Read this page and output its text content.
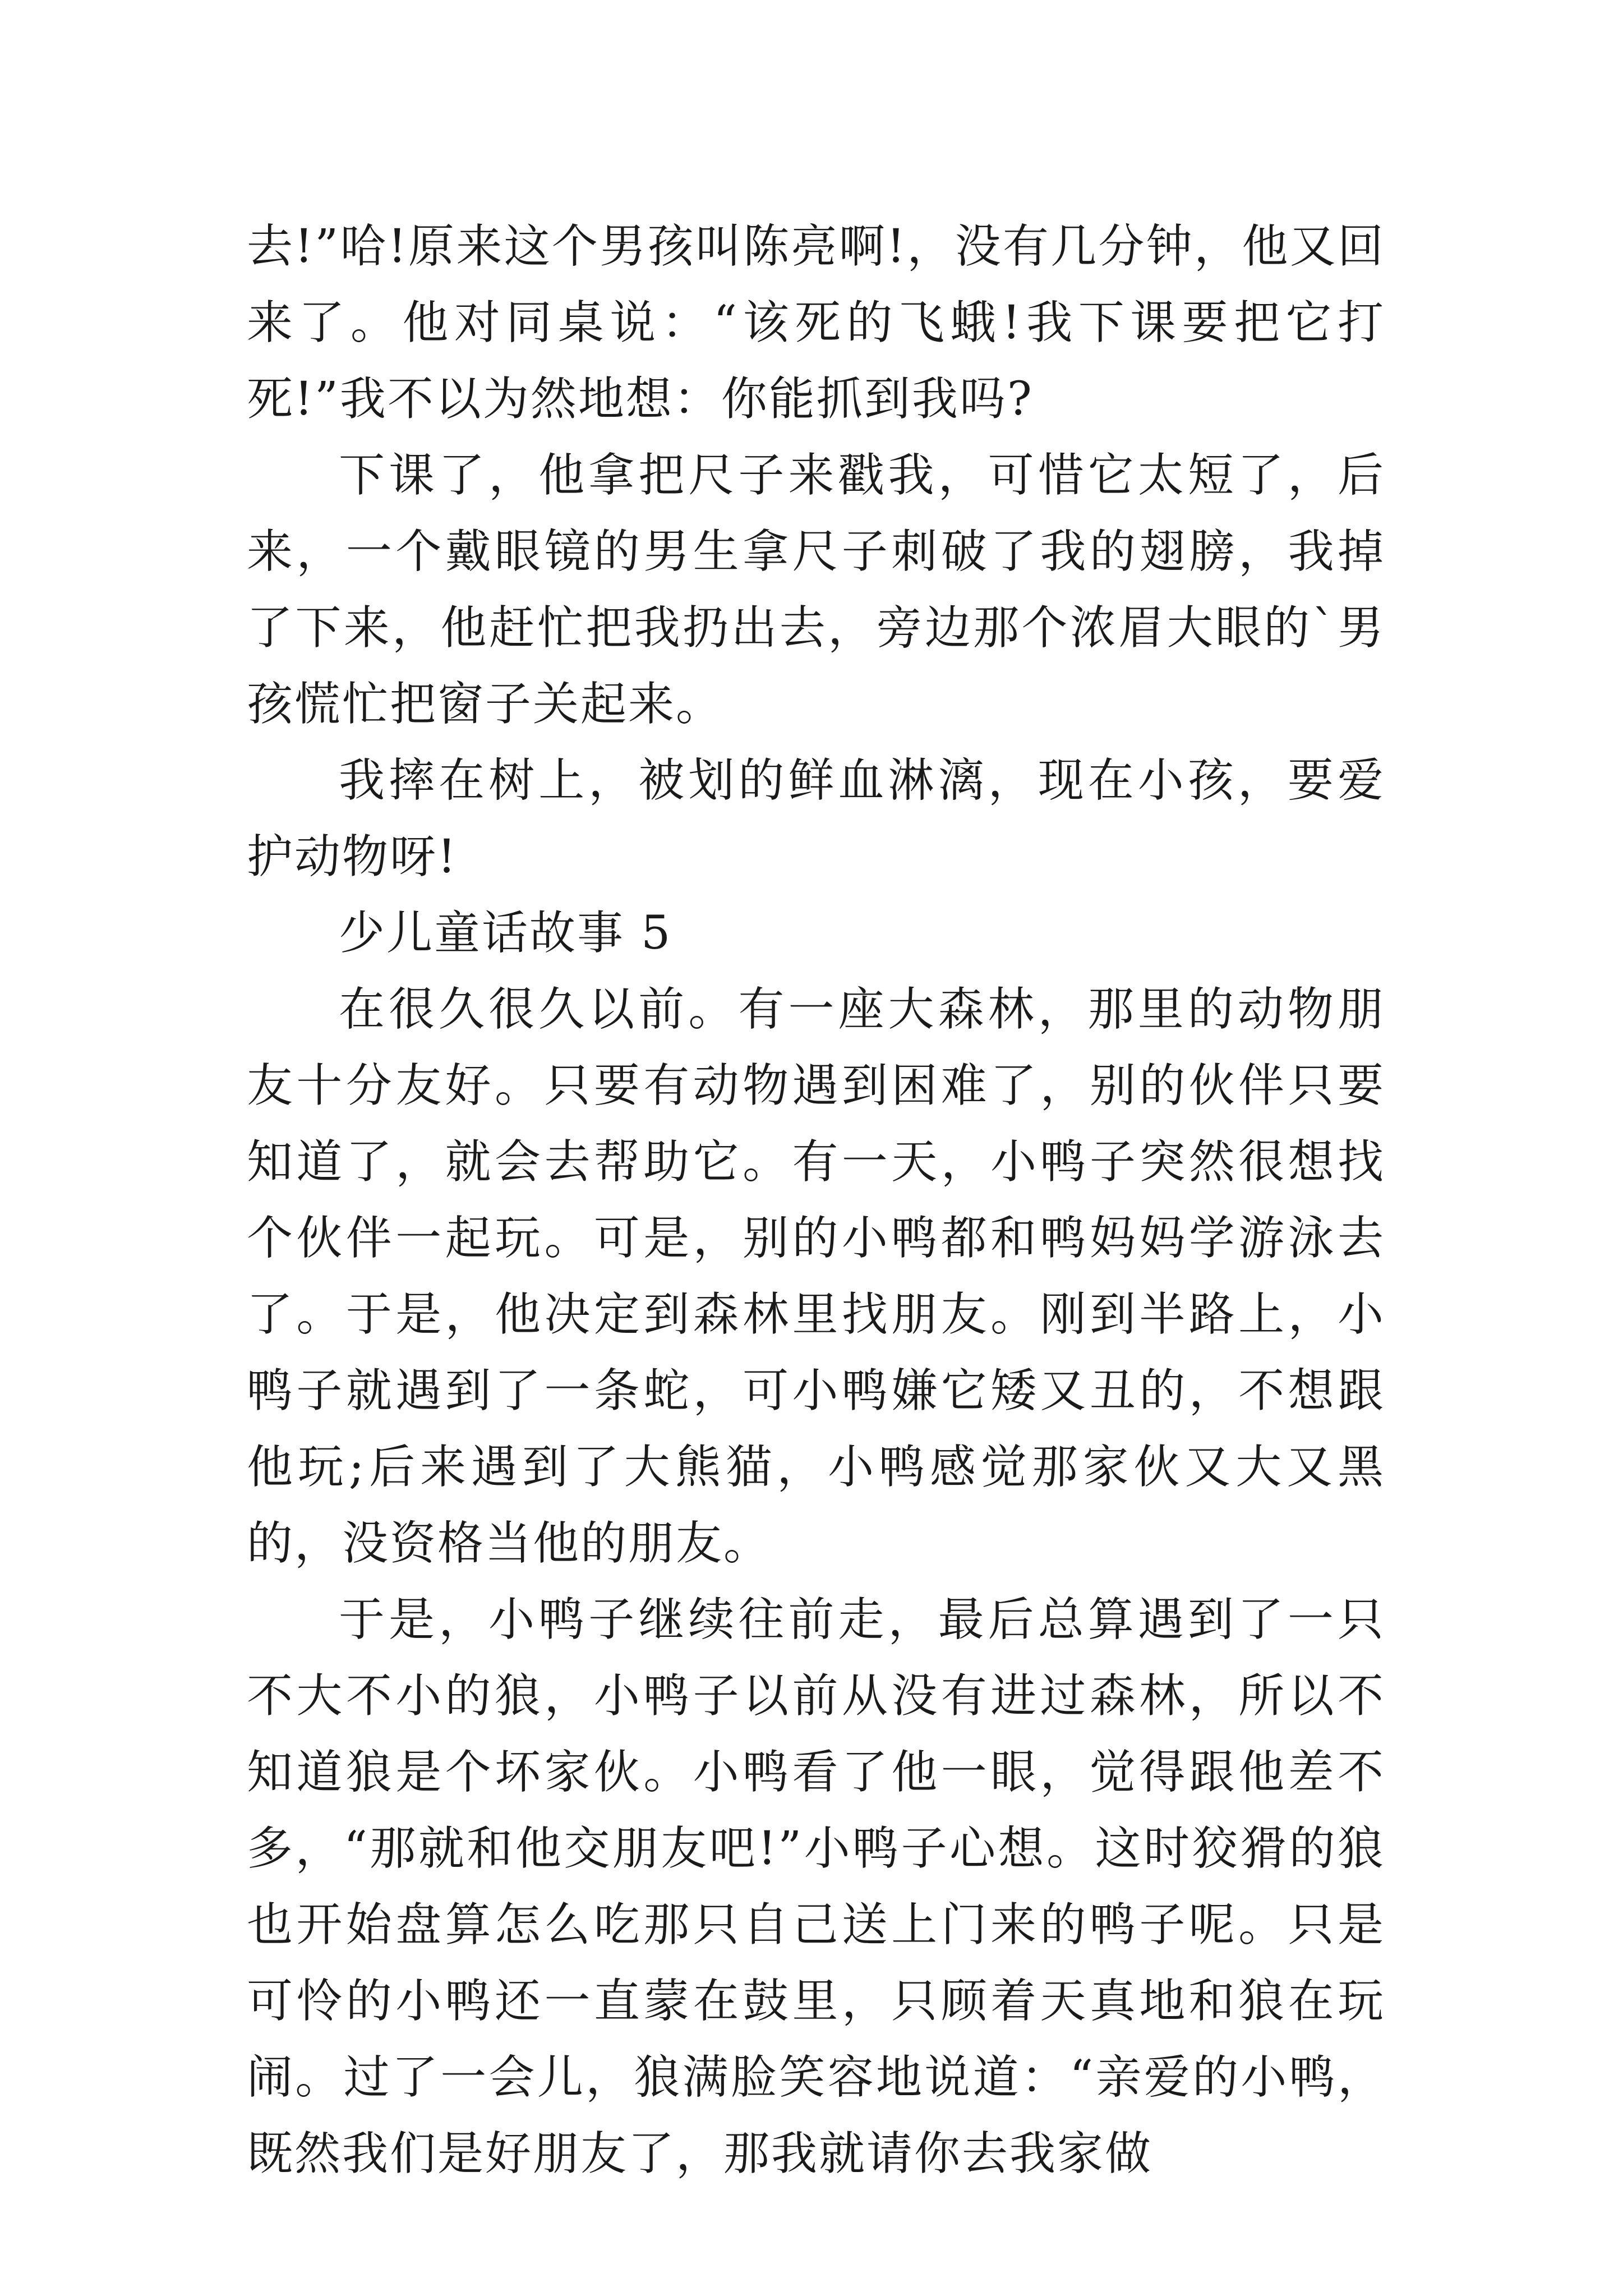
去!”哈!原来这个男孩叫陈亮啊!，没有几分钟，他又回来了。他对同桌说：“该死的飞蛾!我下课要把它打死!”我不以为然地想：你能抓到我吗?

下课了，他拿把尺子来戳我，可惜它太短了，后来，一个戴眼镜的男生拿尺子刺破了我的翅膀，我掉了下来，他赶忙把我扔出去，旁边那个浓眉大眼的`男孩慌忙把窗子关起来。

我摔在树上，被划的鲜血淋漓，现在小孩，要爱护动物呀!

少儿童话故事 5

在很久很久以前。有一座大森林，那里的动物朋友十分友好。只要有动物遇到困难了，别的伙伴只要知道了，就会去帮助它。有一天，小鸭子突然很想找个伙伴一起玩。可是，别的小鸭都和鸭妈妈学游泳去了。于是，他决定到森林里找朋友。刚到半路上，小鸭子就遇到了一条蛇，可小鸭嫌它矮又丑的，不想跟他玩;后来遇到了大熊猫，小鸭感觉那家伙又大又黑的，没资格当他的朋友。

于是，小鸭子继续往前走，最后总算遇到了一只不大不小的狼，小鸭子以前从没有进过森林，所以不知道狼是个坏家伙。小鸭看了他一眼，觉得跟他差不多，“那就和他交朋友吧!”小鸭子心想。这时狡猾的狼也开始盘算怎么吃那只自己送上门来的鸭子呢。只是可怜的小鸭还一直蒙在鼓里，只顾着天真地和狼在玩闹。过了一会儿，狼满脸笑容地说道：“亲爱的小鸭，既然我们是好朋友了，那我就请你去我家做
